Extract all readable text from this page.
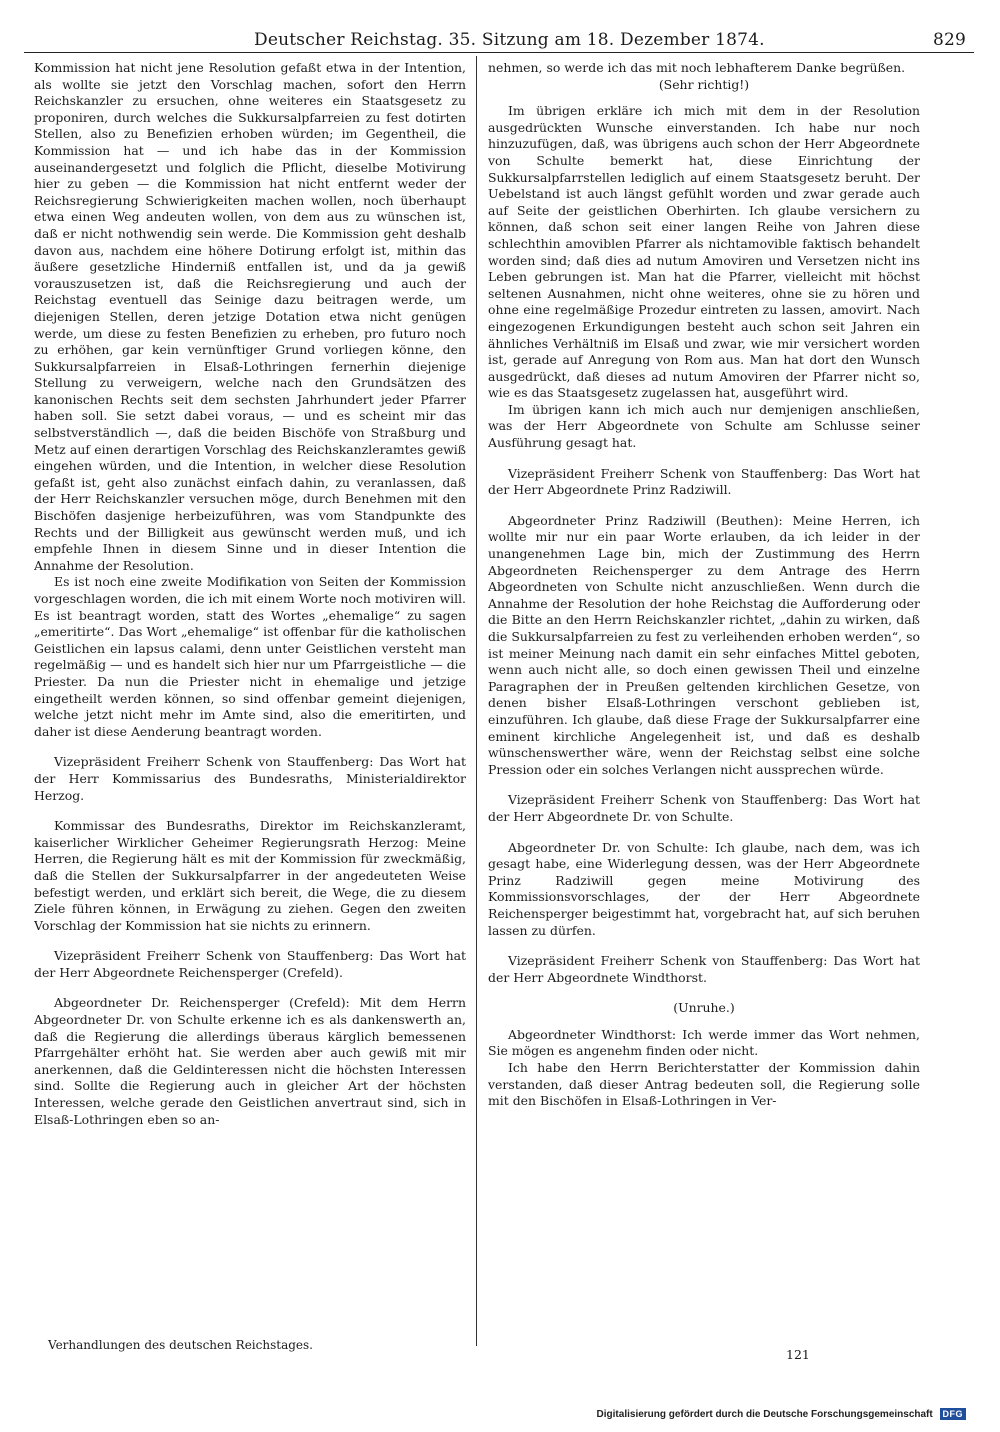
Deutscher Reichstag. 35. Sitzung am 18. Dezember 1874.	829

Kommission hat nicht jene Resolution gefaßt etwa in der Intention, als wollte sie jetzt den Vorschlag machen, sofort den Herrn Reichskanzler zu ersuchen, ohne weiteres ein Staatsgesetz zu proponiren, durch welches die Sukkursalpfarreien zu fest dotirten Stellen, also zu Benefizien erhoben würden; im Gegentheil, die Kommission hat — und ich habe das in der Kommission auseinandergesetzt und folglich die Pflicht, dieselbe Motivirung hier zu geben — die Kommission hat nicht entfernt weder der Reichsregierung Schwierigkeiten machen wollen, noch überhaupt etwa einen Weg andeuten wollen, von dem aus zu wünschen ist, daß er nicht nothwendig sein werde. Die Kommission geht deshalb davon aus, nachdem eine höhere Dotirung erfolgt ist, mithin das äußere gesetzliche Hinderniß entfallen ist, und da ja gewiß vorauszusetzen ist, daß die Reichsregierung und auch der Reichstag eventuell das Seinige dazu beitragen werde, um diejenigen Stellen, deren jetzige Dotation etwa nicht genügen werde, um diese zu festen Benefizien zu erheben, pro futuro noch zu erhöhen, gar kein vernünftiger Grund vorliegen könne, den Sukkursalpfarreien in Elsaß-Lothringen fernerhin diejenige Stellung zu verweigern, welche nach den Grundsätzen des kanonischen Rechts seit dem sechsten Jahrhundert jeder Pfarrer haben soll. Sie setzt dabei voraus, — und es scheint mir das selbstverständlich —, daß die beiden Bischöfe von Straßburg und Metz auf einen derartigen Vorschlag des Reichskanzleramtes gewiß eingehen würden, und die Intention, in welcher diese Resolution gefaßt ist, geht also zunächst einfach dahin, zu veranlassen, daß der Herr Reichskanzler versuchen möge, durch Benehmen mit den Bischöfen dasjenige herbeizuführen, was vom Standpunkte des Rechts und der Billigkeit aus gewünscht werden muß, und ich empfehle Ihnen in diesem Sinne und in dieser Intention die Annahme der Resolution.

Es ist noch eine zweite Modifikation von Seiten der Kommission vorgeschlagen worden, die ich mit einem Worte noch motiviren will. Es ist beantragt worden, statt des Wortes „ehemalige“ zu sagen „emeritirte“. Das Wort „ehemalige“ ist offenbar für die katholischen Geistlichen ein lapsus calami, denn unter Geistlichen versteht man regelmäßig — und es handelt sich hier nur um Pfarrgeistliche — die Priester. Da nun die Priester nicht in ehemalige und jetzige eingetheilt werden können, so sind offenbar gemeint diejenigen, welche jetzt nicht mehr im Amte sind, also die emeritirten, und daher ist diese Aenderung beantragt worden.

Vizepräsident Freiherr Schenk von Stauffenberg: Das Wort hat der Herr Kommissarius des Bundesraths, Ministerialdirektor Herzog.

Kommissar des Bundesraths, Direktor im Reichskanzleramt, kaiserlicher Wirklicher Geheimer Regierungsrath Herzog: Meine Herren, die Regierung hält es mit der Kommission für zweckmäßig, daß die Stellen der Sukkursalpfarrer in der angedeuteten Weise befestigt werden, und erklärt sich bereit, die Wege, die zu diesem Ziele führen können, in Erwägung zu ziehen. Gegen den zweiten Vorschlag der Kommission hat sie nichts zu erinnern.

Vizepräsident Freiherr Schenk von Stauffenberg: Das Wort hat der Herr Abgeordnete Reichensperger (Crefeld).

Abgeordneter Dr. Reichensperger (Crefeld): Mit dem Herrn Abgeordneter Dr. von Schulte erkenne ich es als dankenswerth an, daß die Regierung die allerdings überaus kärglich bemessenen Pfarrgehälter erhöht hat. Sie werden aber auch gewiß mit mir anerkennen, daß die Geldinteressen nicht die höchsten Interessen sind. Sollte die Regierung auch in gleicher Art der höchsten Interessen, welche gerade den Geistlichen anvertraut sind, sich in Elsaß-Lothringen eben so an-

nehmen, so werde ich das mit noch lebhafterem Danke begrüßen.

(Sehr richtig!)

Im übrigen erkläre ich mich mit dem in der Resolution ausgedrückten Wunsche einverstanden. Ich habe nur noch hinzuzufügen, daß, was übrigens auch schon der Herr Abgeordnete von Schulte bemerkt hat, diese Einrichtung der Sukkursalpfarrstellen lediglich auf einem Staatsgesetz beruht. Der Uebelstand ist auch längst gefühlt worden und zwar gerade auch auf Seite der geistlichen Oberhirten. Ich glaube versichern zu können, daß schon seit einer langen Reihe von Jahren diese schlechthin amoviblen Pfarrer als nichtamovible faktisch behandelt worden sind; daß dies ad nutum Amoviren und Versetzen nicht ins Leben gebrungen ist. Man hat die Pfarrer, vielleicht mit höchst seltenen Ausnahmen, nicht ohne weiteres, ohne sie zu hören und ohne eine regelmäßige Prozedur eintreten zu lassen, amovirt. Nach eingezogenen Erkundigungen besteht auch schon seit Jahren ein ähnliches Verhältniß im Elsaß und zwar, wie mir versichert worden ist, gerade auf Anregung von Rom aus. Man hat dort den Wunsch ausgedrückt, daß dieses ad nutum Amoviren der Pfarrer nicht so, wie es das Staatsgesetz zugelassen hat, ausgeführt wird.

Im übrigen kann ich mich auch nur demjenigen anschließen, was der Herr Abgeordnete von Schulte am Schlusse seiner Ausführung gesagt hat.

Vizepräsident Freiherr Schenk von Stauffenberg: Das Wort hat der Herr Abgeordnete Prinz Radziwill.

Abgeordneter Prinz Radziwill (Beuthen): Meine Herren, ich wollte mir nur ein paar Worte erlauben, da ich leider in der unangenehmen Lage bin, mich der Zustimmung des Herrn Abgeordneten Reichensperger zu dem Antrage des Herrn Abgeordneten von Schulte nicht anzuschließen. Wenn durch die Annahme der Resolution der hohe Reichstag die Aufforderung oder die Bitte an den Herrn Reichskanzler richtet, „dahin zu wirken, daß die Sukkursalpfarreien zu fest zu verleihenden erhoben werden“, so ist meiner Meinung nach damit ein sehr einfaches Mittel geboten, wenn auch nicht alle, so doch einen gewissen Theil und einzelne Paragraphen der in Preußen geltenden kirchlichen Gesetze, von denen bisher Elsaß-Lothringen verschont geblieben ist, einzuführen. Ich glaube, daß diese Frage der Sukkursalpfarrer eine eminent kirchliche Angelegenheit ist, und daß es deshalb wünschenswerther wäre, wenn der Reichstag selbst eine solche Pression oder ein solches Verlangen nicht aussprechen würde.

Vizepräsident Freiherr Schenk von Stauffenberg: Das Wort hat der Herr Abgeordnete Dr. von Schulte.

Abgeordneter Dr. von Schulte: Ich glaube, nach dem, was ich gesagt habe, eine Widerlegung dessen, was der Herr Abgeordnete Prinz Radziwill gegen meine Motivirung des Kommissionsvorschlages, der der Herr Abgeordnete Reichensperger beigestimmt hat, vorgebracht hat, auf sich beruhen lassen zu dürfen.

Vizepräsident Freiherr Schenk von Stauffenberg: Das Wort hat der Herr Abgeordnete Windthorst.

(Unruhe.)

Abgeordneter Windthorst: Ich werde immer das Wort nehmen, Sie mögen es angenehm finden oder nicht.

Ich habe den Herrn Berichterstatter der Kommission dahin verstanden, daß dieser Antrag bedeuten soll, die Regierung solle mit den Bischöfen in Elsaß-Lothringen in Ver-

Verhandlungen des deutschen Reichstages.
121
Digitalisierung gefördert durch die Deutsche Forschungsgemeinschaft DFG
